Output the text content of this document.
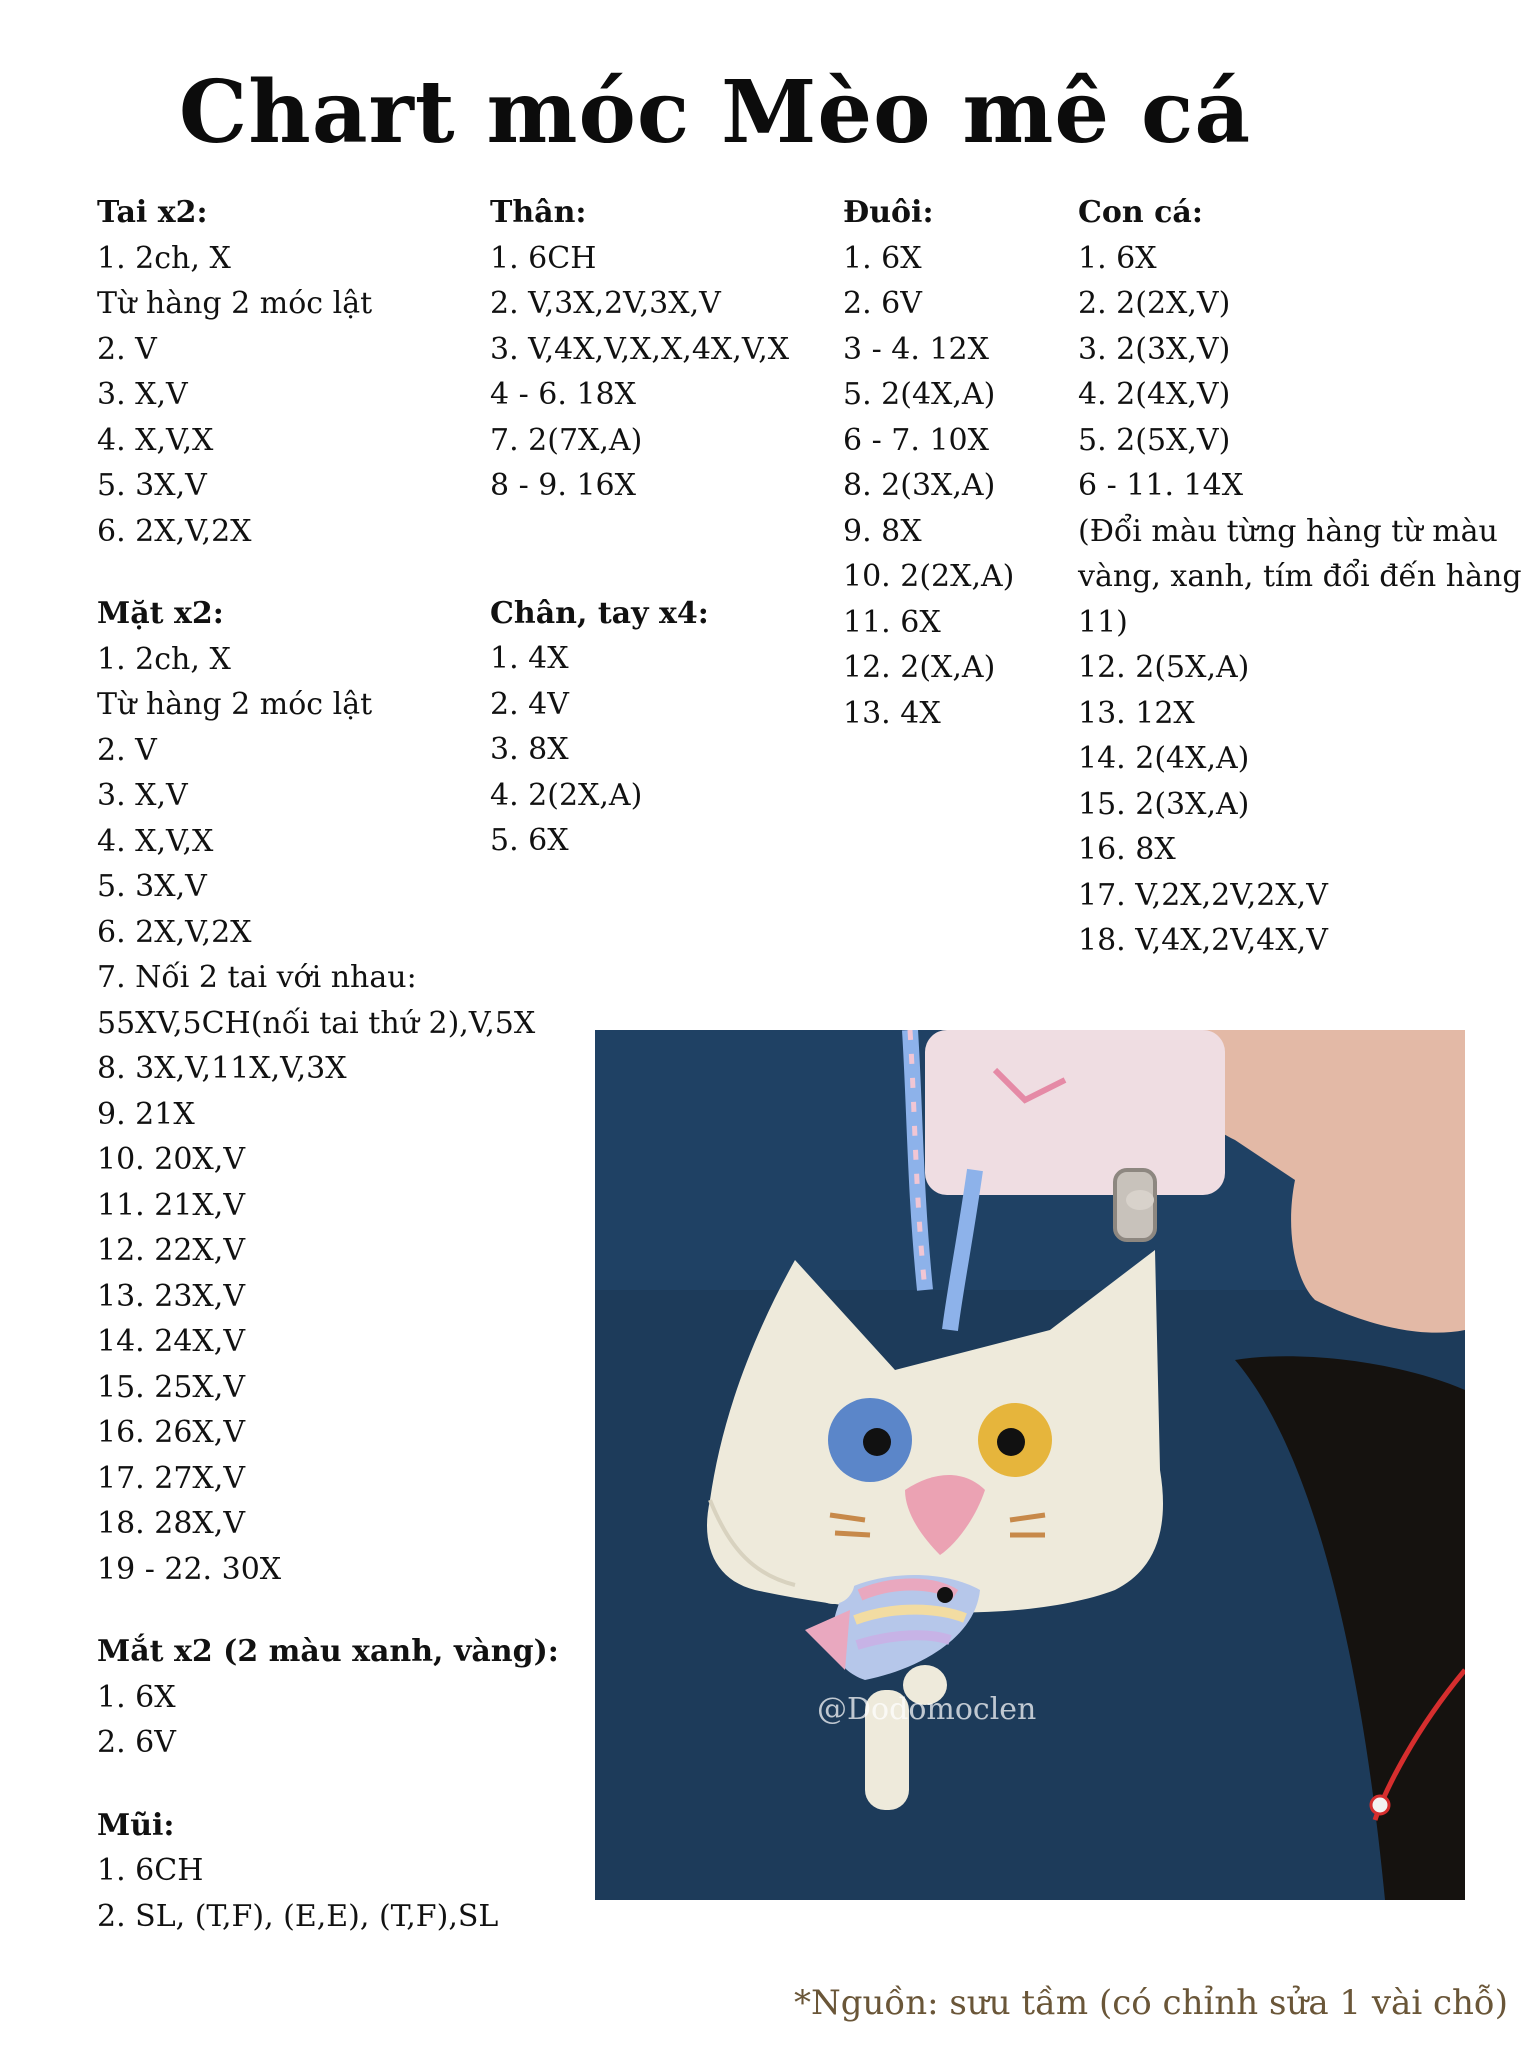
Chart móc Mèo mê cá
Tai x2:
1. 2ch, X
Từ hàng 2 móc lật
2. V
3. X,V
4. X,V,X
5. 3X,V
6. 2X,V,2X
Mặt x2:
1. 2ch, X
Từ hàng 2 móc lật
2. V
3. X,V
4. X,V,X
5. 3X,V
6. 2X,V,2X
7. Nối 2 tai với nhau:
55XV,5CH(nối tai thứ 2),V,5X
8. 3X,V,11X,V,3X
9. 21X
10. 20X,V
11. 21X,V
12. 22X,V
13. 23X,V
14. 24X,V
15. 25X,V
16. 26X,V
17. 27X,V
18. 28X,V
19 - 22. 30X
Mắt x2 (2 màu xanh, vàng):
1. 6X
2. 6V
Mũi:
1. 6CH
2. SL, (T,F), (E,E), (T,F),SL
Thân:
1. 6CH
2. V,3X,2V,3X,V
3. V,4X,V,X,X,4X,V,X
4 - 6. 18X
7. 2(7X,A)
8 - 9. 16X
Chân, tay x4:
1. 4X
2. 4V
3. 8X
4. 2(2X,A)
5. 6X
Đuôi:
1. 6X
2. 6V
3 - 4. 12X
5. 2(4X,A)
6 - 7. 10X
8. 2(3X,A)
9. 8X
10. 2(2X,A)
11. 6X
12. 2(X,A)
13. 4X
Con cá:
1. 6X
2. 2(2X,V)
3. 2(3X,V)
4. 2(4X,V)
5. 2(5X,V)
6 - 11. 14X
(Đổi màu từng hàng từ màu vàng, xanh, tím đổi đến hàng 11)
12. 2(5X,A)
13. 12X
14. 2(4X,A)
15. 2(3X,A)
16. 8X
17. V,2X,2V,2X,V
18. V,4X,2V,4X,V
@Dodomoclen
*Nguồn: sưu tầm (có chỉnh sửa 1 vài chỗ)
